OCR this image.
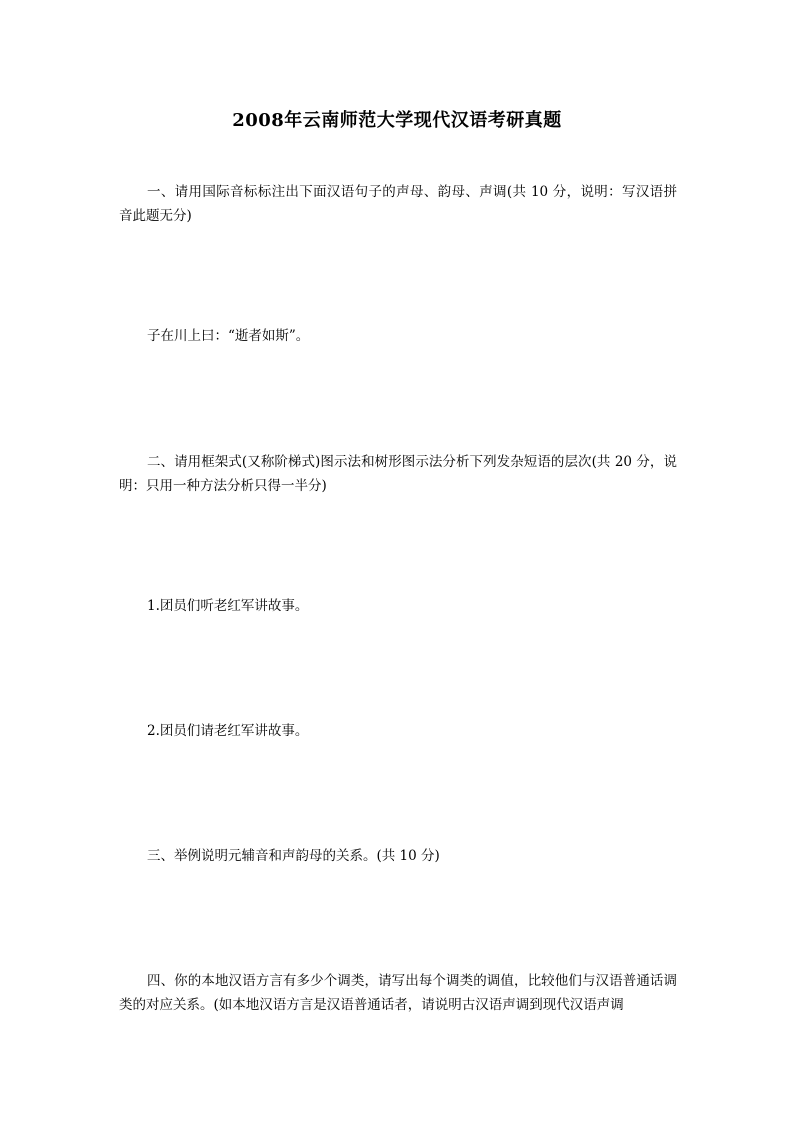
2008年云南师范大学现代汉语考研真题
一、请用国际音标标注出下面汉语句子的声母、韵母、声调(共 10 分，说明：写汉语拼音此题无分)
子在川上曰：“逝者如斯”。
二、请用框架式(又称阶梯式)图示法和树形图示法分析下列发杂短语的层次(共 20 分，说明：只用一种方法分析只得一半分)
1.团员们听老红军讲故事。
2.团员们请老红军讲故事。
三、举例说明元辅音和声韵母的关系。(共 10 分)
四、你的本地汉语方言有多少个调类，请写出每个调类的调值，比较他们与汉语普通话调类的对应关系。(如本地汉语方言是汉语普通话者，请说明古汉语声调到现代汉语声调
